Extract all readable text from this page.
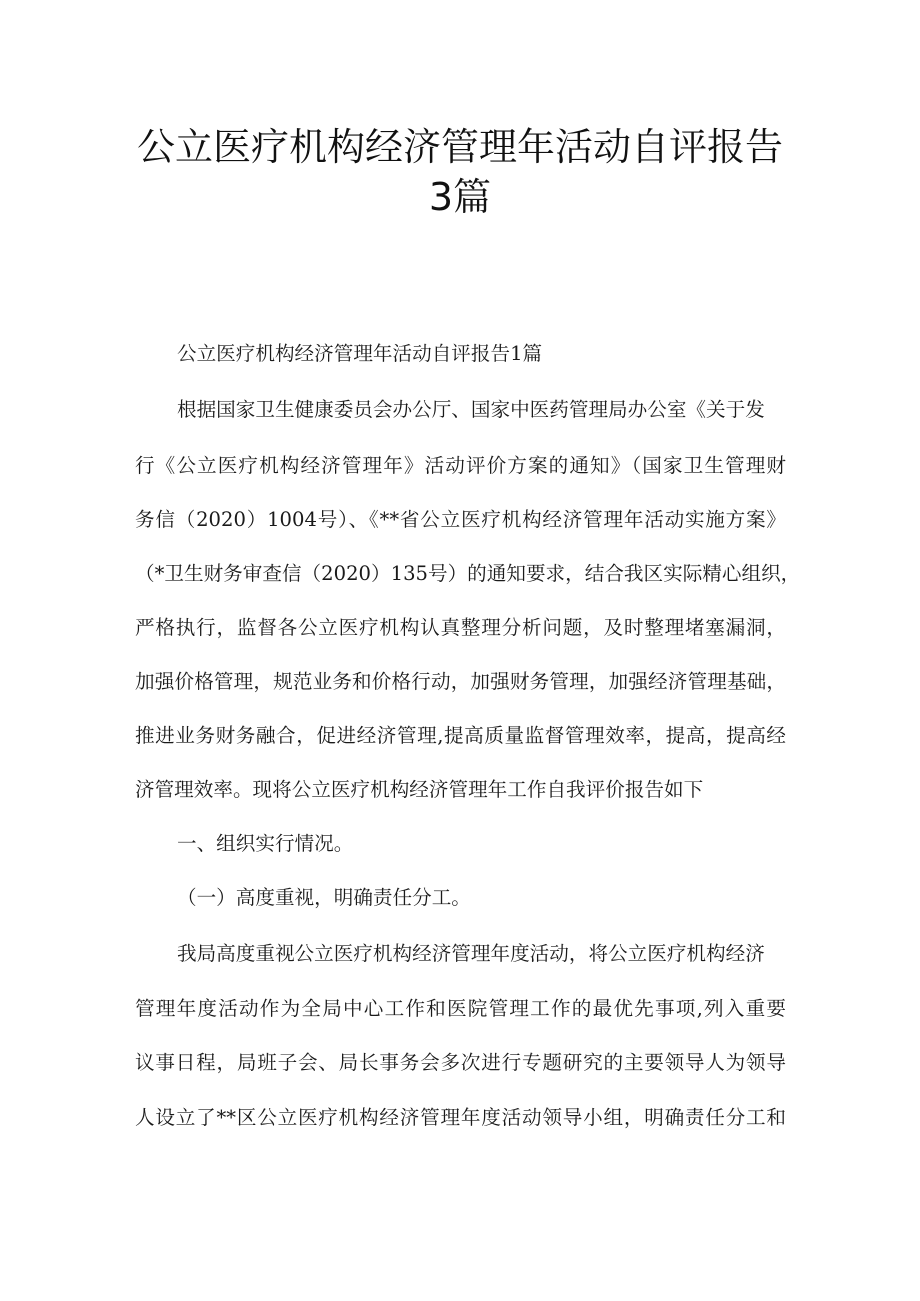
公立医疗机构经济管理年活动自评报告
3篇
公立医疗机构经济管理年活动自评报告1篇
根据国家卫生健康委员会办公厅、国家中医药管理局办公室《关于发
行《公立医疗机构经济管理年》活动评价方案的通知》（国家卫生管理财
务信（2020）1004号）、《**省公立医疗机构经济管理年活动实施方案》
（*卫生财务审查信（2020）135号）的通知要求，结合我区实际精心组织，
严格执行，监督各公立医疗机构认真整理分析问题，及时整理堵塞漏洞，
加强价格管理，规范业务和价格行动，加强财务管理，加强经济管理基础，
推进业务财务融合，促进经济管理,提高质量监督管理效率，提高，提高经
济管理效率。现将公立医疗机构经济管理年工作自我评价报告如下
一、组织实行情况。
（一）高度重视，明确责任分工。
我局高度重视公立医疗机构经济管理年度活动，将公立医疗机构经济
管理年度活动作为全局中心工作和医院管理工作的最优先事项,列入重要
议事日程，局班子会、局长事务会多次进行专题研究的主要领导人为领导
人设立了**区公立医疗机构经济管理年度活动领导小组，明确责任分工和
